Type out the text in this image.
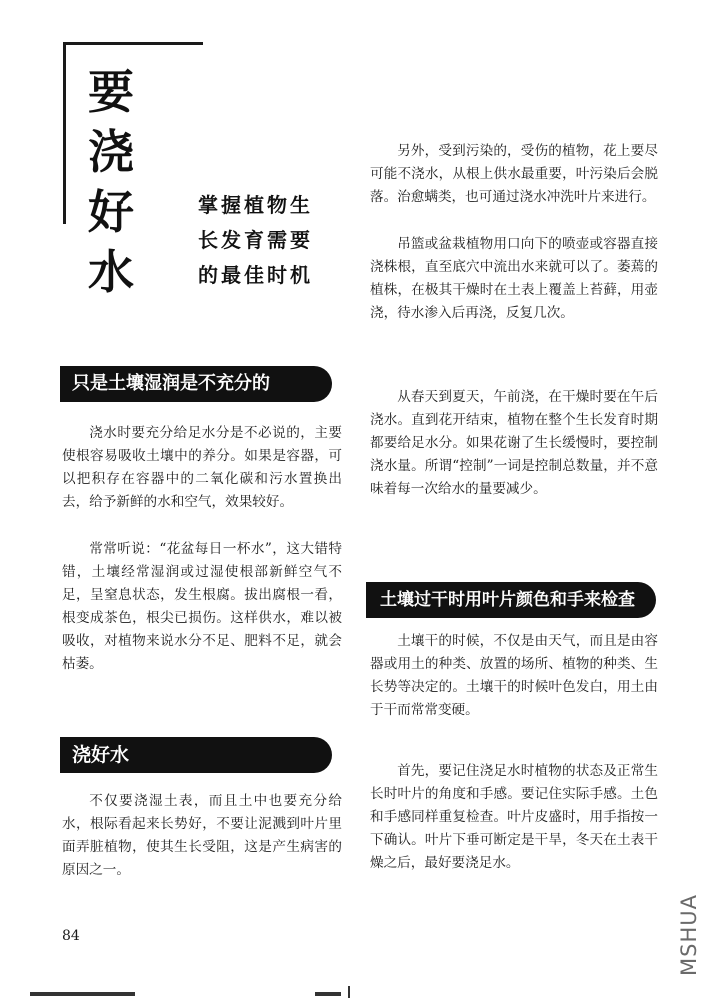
要
浇
好
水
掌握植物生
长发育需要
的最佳时机
只是土壤湿润是不充分的

浇水时要充分给足水分是不必说的，主要使根容易吸收土壤中的养分。如果是容器，可以把积存在容器中的二氧化碳和污水置换出去，给予新鲜的水和空气，效果较好。

常常听说：“花盆每日一杯水”，这大错特错，土壤经常湿润或过湿使根部新鲜空气不足，呈窒息状态，发生根腐。拔出腐根一看，根变成茶色，根尖已损伤。这样供水，难以被吸收，对植物来说水分不足、肥料不足，就会枯萎。

浇好水

不仅要浇湿土表，而且土中也要充分给水，根际看起来长势好，不要让泥溅到叶片里面弄脏植物，使其生长受阻，这是产生病害的原因之一。

另外，受到污染的，受伤的植物，花上要尽可能不浇水，从根上供水最重要，叶污染后会脱落。治愈螨类，也可通过浇水冲洗叶片来进行。

吊篮或盆栽植物用口向下的喷壶或容器直接浇株根，直至底穴中流出水来就可以了。萎蔫的植株，在极其干燥时在土表上覆盖上苔藓，用壶浇，待水渗入后再浇，反复几次。

从春天到夏天，午前浇，在干燥时要在午后浇水。直到花开结束，植物在整个生长发育时期都要给足水分。如果花谢了生长缓慢时，要控制浇水量。所谓“控制”一词是控制总数量，并不意味着每一次给水的量要减少。

土壤过干时用叶片颜色和手来检查

土壤干的时候，不仅是由天气，而且是由容器或用土的种类、放置的场所、植物的种类、生长势等决定的。土壤干的时候叶色发白，用土由于干而常常变硬。

首先，要记住浇足水时植物的状态及正常生长时叶片的角度和手感。要记住实际手感。土色和手感同样重复检查。叶片皮盛时，用手指按一下确认。叶片下垂可断定是干旱，冬天在土表干燥之后，最好要浇足水。

84	MSHUA
